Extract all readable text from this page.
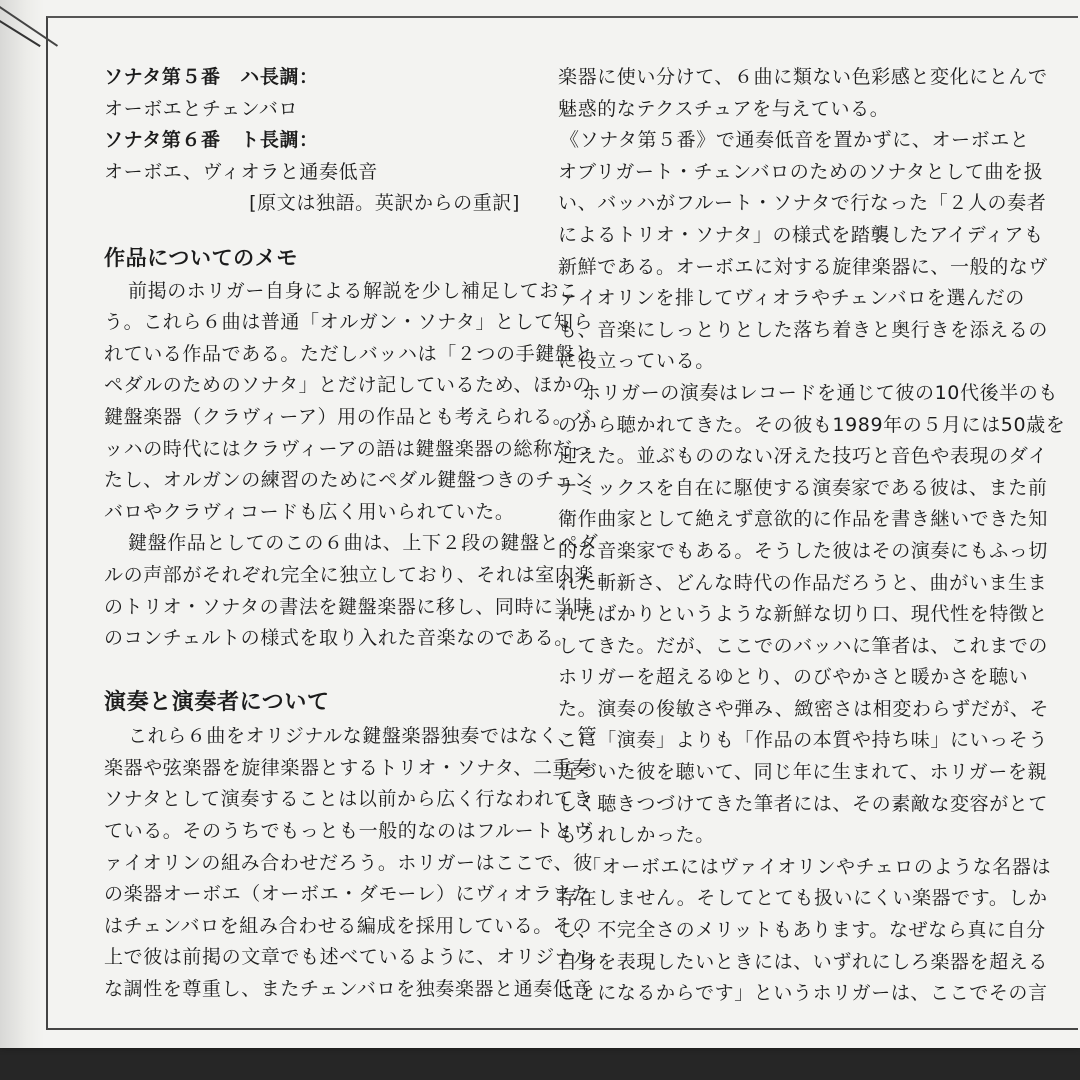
ソナタ第５番　ハ長調：
オーボエとチェンバロ
ソナタ第６番　ト長調：
オーボエ、ヴィオラと通奏低音
[原文は独語。英訳からの重訳]
作品についてのメモ
前掲のホリガー自身による解説を少し補足しておこ
う。これら６曲は普通「オルガン・ソナタ」として知ら
れている作品である。ただしバッハは「２つの手鍵盤と
ペダルのためのソナタ」とだけ記しているため、ほかの
鍵盤楽器（クラヴィーア）用の作品とも考えられる。バ
ッハの時代にはクラヴィーアの語は鍵盤楽器の総称だっ
たし、オルガンの練習のためにペダル鍵盤つきのチェン
バロやクラヴィコードも広く用いられていた。
鍵盤作品としてのこの６曲は、上下２段の鍵盤とペダ
ルの声部がそれぞれ完全に独立しており、それは室内楽
のトリオ・ソナタの書法を鍵盤楽器に移し、同時に当時
のコンチェルトの様式を取り入れた音楽なのである。
演奏と演奏者について
これら６曲をオリジナルな鍵盤楽器独奏ではなく、管
楽器や弦楽器を旋律楽器とするトリオ・ソナタ、二重奏
ソナタとして演奏することは以前から広く行なわれてき
ている。そのうちでもっとも一般的なのはフルートとヴ
ァイオリンの組み合わせだろう。ホリガーはここで、彼
の楽器オーボエ（オーボエ・ダモーレ）にヴィオラまた
はチェンバロを組み合わせる編成を採用している。その
上で彼は前掲の文章でも述べているように、オリジナル
な調性を尊重し、またチェンバロを独奏楽器と通奏低音
楽器に使い分けて、６曲に類ない色彩感と変化にとんで
魅惑的なテクスチュアを与えている。
《ソナタ第５番》で通奏低音を置かずに、オーボエと
オブリガート・チェンバロのためのソナタとして曲を扱
い、バッハがフルート・ソナタで行なった「２人の奏者
によるトリオ・ソナタ」の様式を踏襲したアイディアも
新鮮である。オーボエに対する旋律楽器に、一般的なヴ
ァイオリンを排してヴィオラやチェンバロを選んだの
も、音楽にしっとりとした落ち着きと奥行きを添えるの
に役立っている。
ホリガーの演奏はレコードを通じて彼の10代後半のも
のから聴かれてきた。その彼も1989年の５月には50歳を
迎えた。並ぶもののない冴えた技巧と音色や表現のダイ
ナミックスを自在に駆使する演奏家である彼は、また前
衛作曲家として絶えず意欲的に作品を書き継いできた知
的な音楽家でもある。そうした彼はその演奏にもふっ切
れた斬新さ、どんな時代の作品だろうと、曲がいま生ま
れたばかりというような新鮮な切り口、現代性を特徴と
してきた。だが、ここでのバッハに筆者は、これまでの
ホリガーを超えるゆとり、のびやかさと暖かさを聴い
た。演奏の俊敏さや弾み、緻密さは相変わらずだが、そ
こに「演奏」よりも「作品の本質や持ち味」にいっそう
近づいた彼を聴いて、同じ年に生まれて、ホリガーを親
しく聴きつづけてきた筆者には、その素敵な変容がとて
もうれしかった。
「オーボエにはヴァイオリンやチェロのような名器は
存在しません。そしてとても扱いにくい楽器です。しか
し、不完全さのメリットもあります。なぜなら真に自分
自身を表現したいときには、いずれにしろ楽器を超える
ことになるからです」というホリガーは、ここでその言
